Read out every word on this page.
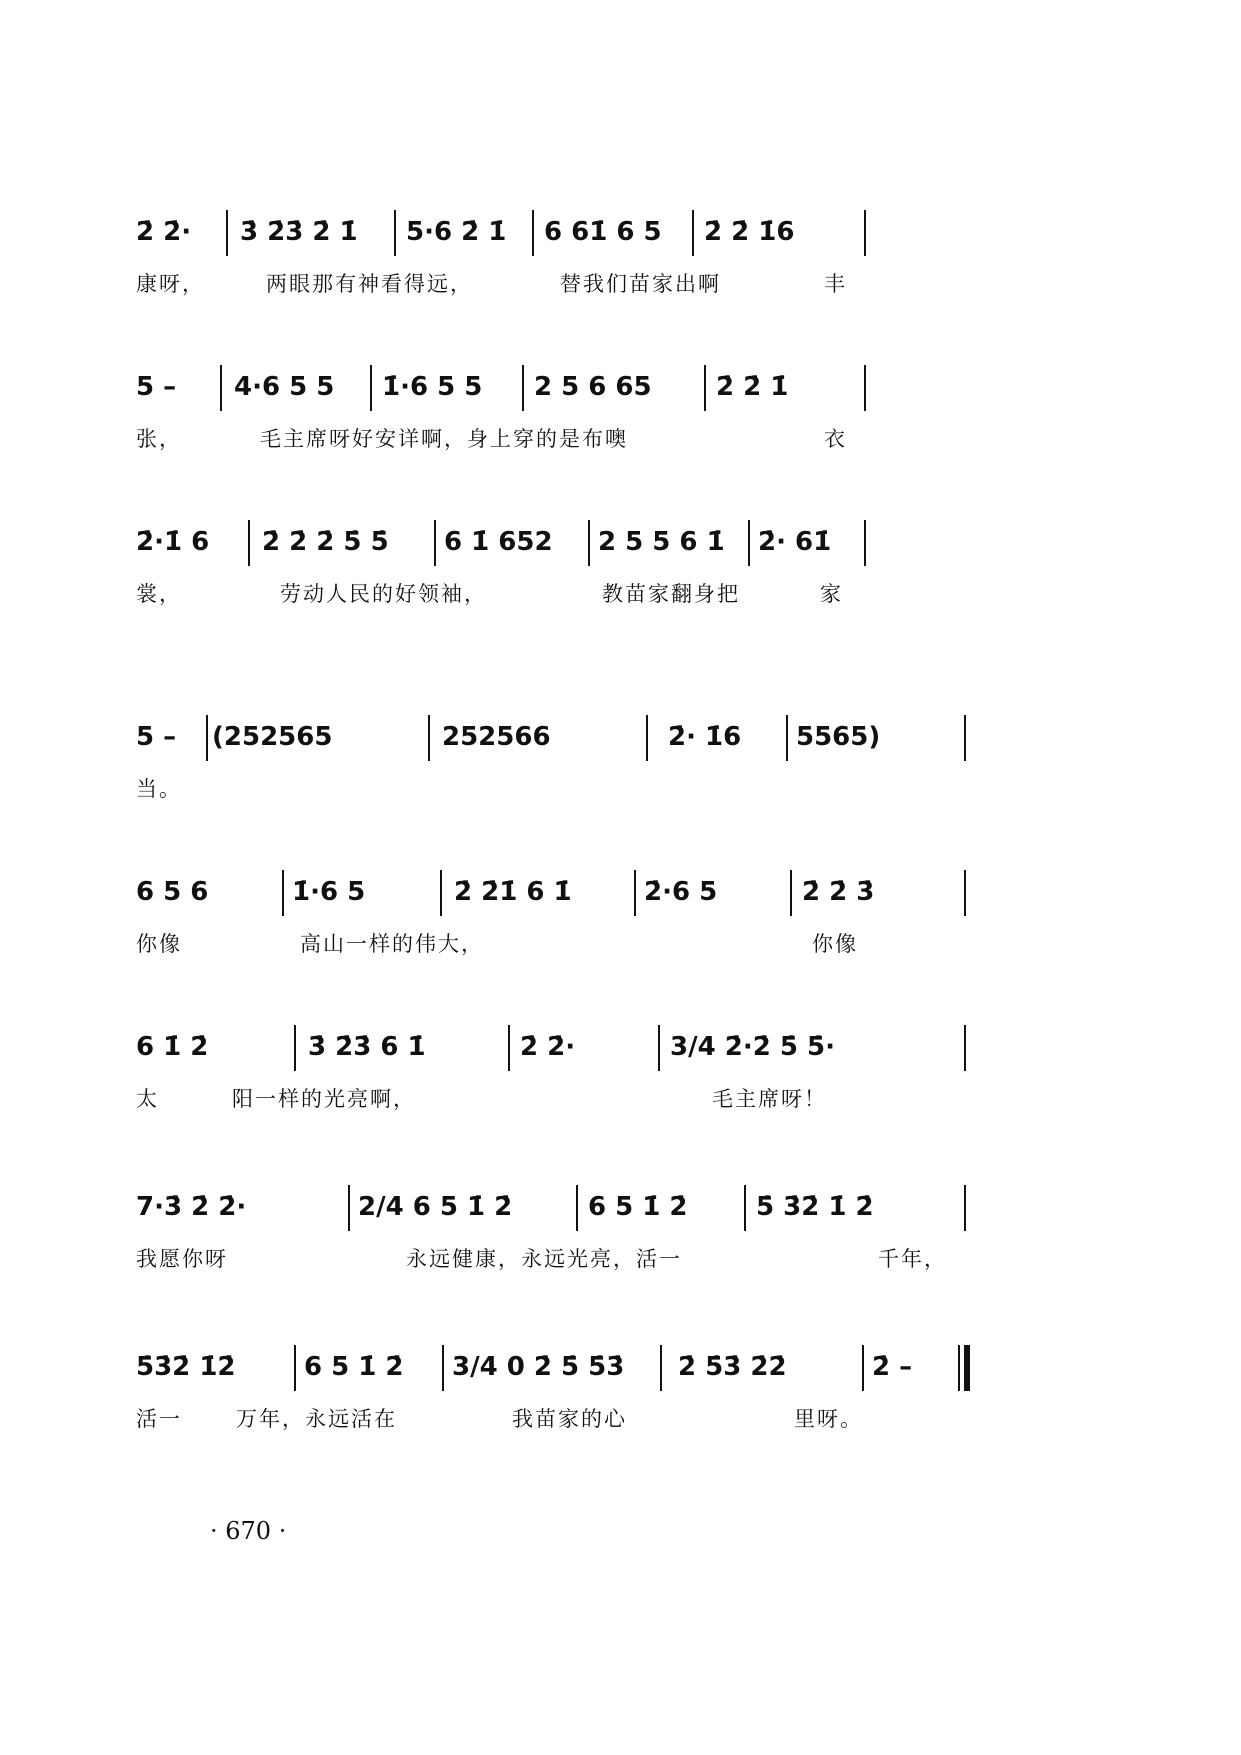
2̇ 2̇· 3̇ 2̇3̇ 2̇ 1̇ 5·6 2̇ 1̇ 6 61̇ 6 5 2̇ 2̇ 1̇6
康呀，	两眼那有神看得远，	替我们苗家出啊	丰
5 – 4·6 5 5 1̇·6 5 5 2 5 6 65 2̇ 2̇ 1̇
张，	毛主席呀好安详啊，身上穿的是布噢	衣
2̇·1̇ 6 2̇ 2̇ 2̇ 5̇ 5̇ 6 1̇ 652 2 5 5 6 1̇ 2̇· 61̇
裳，	劳动人民的好领袖，	教苗家翻身把	家
5 – (252565	252566	2̇· 1̇6 5565)
当。
6 5 6	1̇·6 5	2̇ 2̇1̇ 6 1̇	2̇·6 5	2̇ 2̇ 3̇
你像	高山一样的伟大，	你像
6 1̇ 2̇	3̇ 2̇3̇ 6 1̇	2̇ 2̇·	3/4 2̇·2̇ 5̇ 5̇·
太	阳一样的光亮啊，	毛主席呀！
7·3̇ 2̇ 2̇·	2/4 6 5 1̇ 2̇	6 5 1̇ 2̇	5̇ 3̇2̇ 1̇ 2̇
我愿你呀	永远健康，永远光亮，活一	千年，
5̇3̇2̇ 1̇2̇	6 5 1̇ 2̇ 3/4 0 2̇ 5̇ 5̇3̇ 2̇ 5̇3̇ 2̇2̇	2̇ –
活一	万年，永远活在	我苗家的心	里呀。
· 670 ·
